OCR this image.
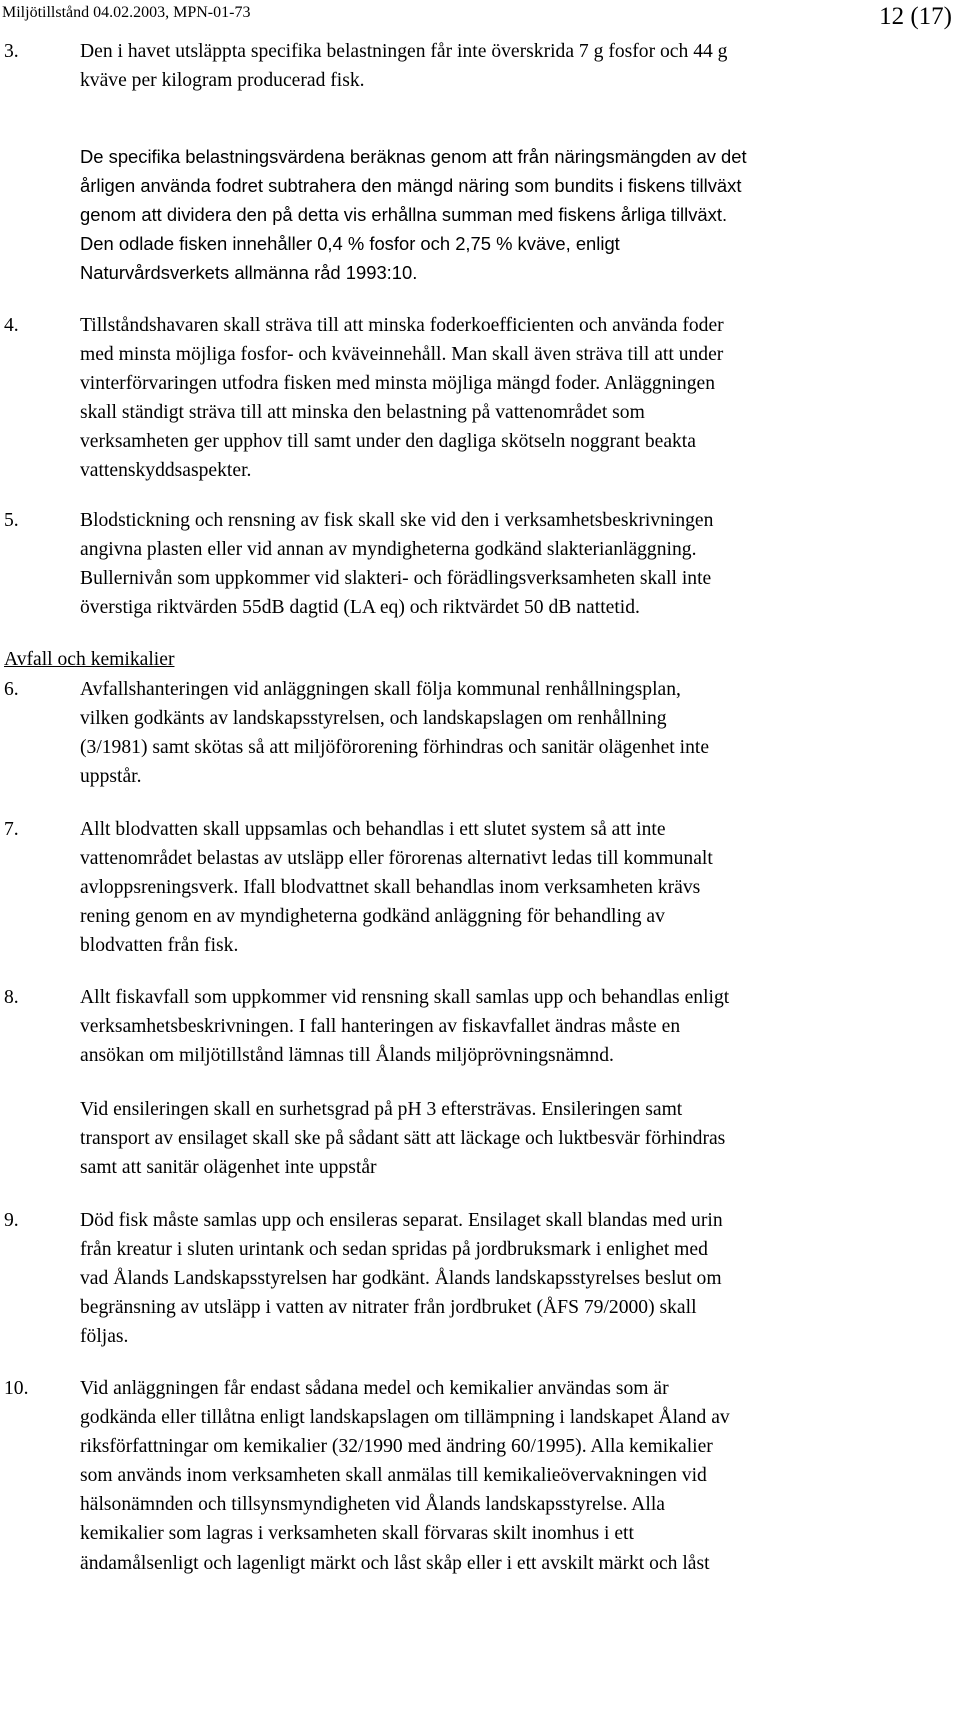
Miljötillstånd 04.02.2003, MPN-01-73	12 (17)
3.	Den i havet utsläppta specifika belastningen får inte överskrida 7 g fosfor och 44 g
kväve per kilogram producerad fisk.
De specifika belastningsvärdena beräknas genom att från näringsmängden av det
årligen använda fodret subtrahera den mängd näring som bundits i fiskens tillväxt
genom att dividera den på detta vis erhållna summan med fiskens årliga tillväxt.
Den odlade fisken innehåller 0,4 % fosfor och 2,75 % kväve, enligt
Naturvårdsverkets allmänna råd 1993:10.
4.	Tillståndshavaren skall sträva till att minska foderkoefficienten och använda foder
med minsta möjliga fosfor- och kväveinnehåll. Man skall även sträva till att under
vinterförvaringen utfodra fisken med minsta möjliga mängd foder. Anläggningen
skall ständigt sträva till att minska den belastning på vattenområdet som
verksamheten ger upphov till samt under den dagliga skötseln noggrant beakta
vattenskyddsaspekter.
5.	Blodstickning och rensning av fisk skall ske vid den i verksamhetsbeskrivningen
angivna plasten eller vid annan av myndigheterna godkänd slakterianläggning.
Bullernivån som uppkommer vid slakteri- och förädlingsverksamheten skall inte
överstiga riktvärden 55dB dagtid (LA eq) och riktvärdet 50 dB nattetid.
Avfall och kemikalier
6.	Avfallshanteringen vid anläggningen skall följa kommunal renhållningsplan,
vilken godkänts av landskapsstyrelsen, och landskapslagen om renhållning
(3/1981) samt skötas så att miljöförorening förhindras och sanitär olägenhet inte
uppstår.
7.	Allt blodvatten skall uppsamlas och behandlas i ett slutet system så att inte
vattenområdet belastas av utsläpp eller förorenas alternativt ledas till kommunalt
avloppsreningsverk. Ifall blodvattnet skall behandlas inom verksamheten krävs
rening genom en av myndigheterna godkänd anläggning för behandling av
blodvatten från fisk.
8.	Allt fiskavfall som uppkommer vid rensning skall samlas upp och behandlas enligt
verksamhetsbeskrivningen. I fall hanteringen av fiskavfallet ändras måste en
ansökan om miljötillstånd lämnas till Ålands miljöprövningsnämnd.
Vid ensileringen skall en surhetsgrad på pH 3 eftersträvas. Ensileringen samt
transport av ensilaget skall ske på sådant sätt att läckage och luktbesvär förhindras
samt att sanitär olägenhet inte uppstår
9.	Död fisk måste samlas upp och ensileras separat. Ensilaget skall blandas med urin
från kreatur i sluten urintank och sedan spridas på jordbruksmark i enlighet med
vad Ålands Landskapsstyrelsen har godkänt. Ålands landskapsstyrelses beslut om
begränsning av utsläpp i vatten av nitrater från jordbruket (ÅFS 79/2000) skall
följas.
10.	Vid anläggningen får endast sådana medel och kemikalier användas som är
godkända eller tillåtna enligt landskapslagen om tillämpning i landskapet Åland av
riksförfattningar om kemikalier (32/1990 med ändring 60/1995). Alla kemikalier
som används inom verksamheten skall anmälas till kemikalieövervakningen vid
hälsonämnden och tillsynsmyndigheten vid Ålands landskapsstyrelse. Alla
kemikalier som lagras i verksamheten skall förvaras skilt inomhus i ett
ändamålsenligt och lagenligt märkt och låst skåp eller i ett avskilt märkt och låst
